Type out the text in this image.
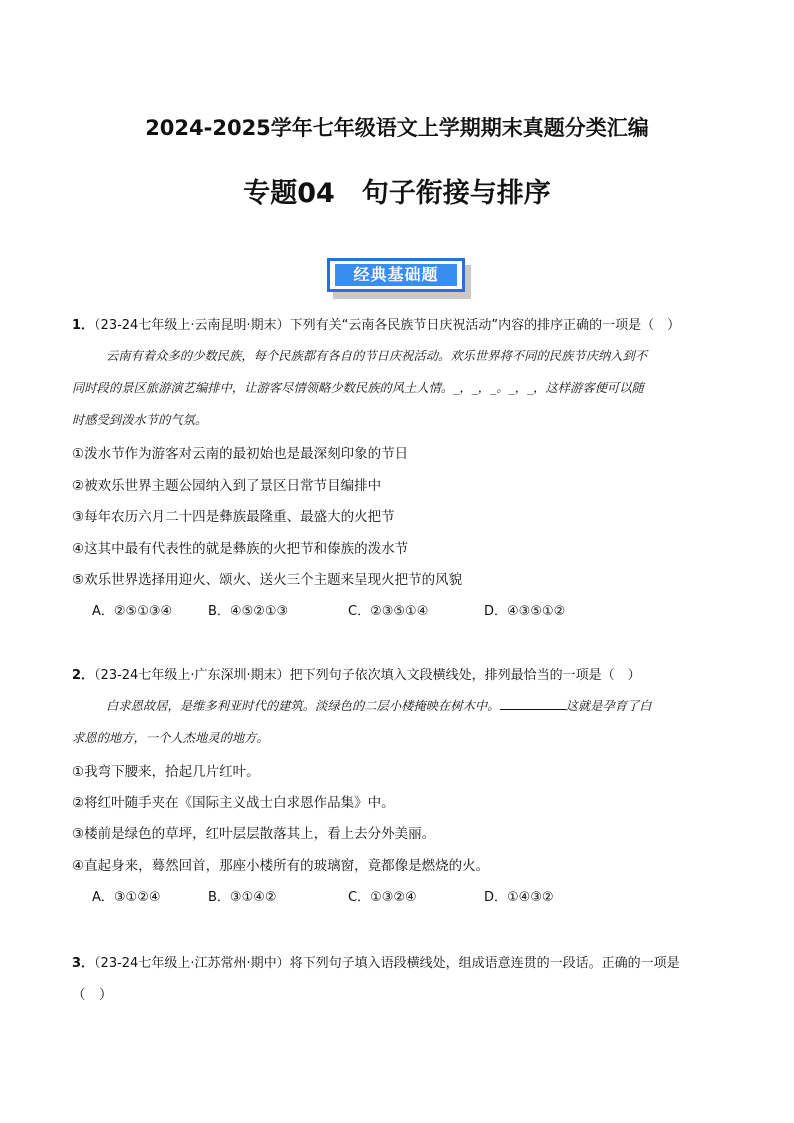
2024-2025学年七年级语文上学期期末真题分类汇编
专题04　句子衔接与排序
经典基础题
1．（23-24七年级上·云南昆明·期末）下列有关“云南各民族节日庆祝活动”内容的排序正确的一项是（　）
云南有着众多的少数民族，每个民族都有各自的节日庆祝活动。欢乐世界将不同的民族节庆纳入到不
同时段的景区旅游演艺编排中，让游客尽情领略少数民族的风土人情。_，_，_。_，_，这样游客便可以随
时感受到泼水节的气氛。
①泼水节作为游客对云南的最初始也是最深刻印象的节日
②被欢乐世界主题公园纳入到了景区日常节目编排中
③每年农历六月二十四是彝族最隆重、最盛大的火把节
④这其中最有代表性的就是彝族的火把节和傣族的泼水节
⑤欢乐世界选择用迎火、颂火、送火三个主题来呈现火把节的风貌
A．②⑤①③④	B．④⑤②①③	C．②③⑤①④	D．④③⑤①②
2．（23-24七年级上·广东深圳·期末）把下列句子依次填入文段横线处，排列最恰当的一项是（　）
白求恩故居，是维多利亚时代的建筑。淡绿色的二层小楼掩映在树木中。	这就是孕育了白
求恩的地方，一个人杰地灵的地方。
①我弯下腰来，拾起几片红叶。
②将红叶随手夹在《国际主义战士白求恩作品集》中。
③楼前是绿色的草坪，红叶层层散落其上，看上去分外美丽。
④直起身来，蓦然回首，那座小楼所有的玻璃窗，竟都像是燃烧的火。
A．③①②④	B．③①④②	C．①③②④	D．①④③②
3．（23-24七年级上·江苏常州·期中）将下列句子填入语段横线处，组成语意连贯的一段话。正确的一项是
（　）
